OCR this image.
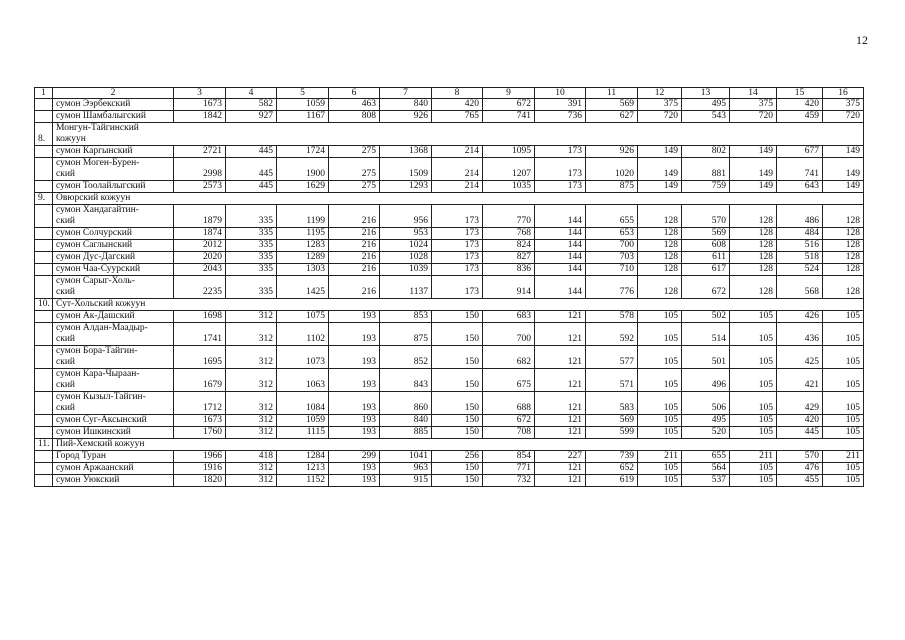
12
1	2	3	4	5	6	7	8	9	10	11	12	13	14	15	16

	сумон Ээрбекский	1673	582	1059	463	840	420	672	391	569	375	495	375	420	375

	сумон Шамбалыгский	1842	927	1167	808	926	765	741	736	627	720	543	720	459	720
8.	Монгун-Тайгинский
кожуун														

	сумон Каргынский	2721	445	1724	275	1368	214	1095	173	926	149	802	149	677	149

	сумон Моген-Бурен-
ский	2998	445	1900	275	1509	214	1207	173	1020	149	881	149	741	149

	сумон Тоолайлыгский	2573	445	1629	275	1293	214	1035	173	875	149	759	149	643	149
9.	Овюрский кожуун														

	сумон Хандагайтин-
ский	1879	335	1199	216	956	173	770	144	655	128	570	128	486	128

	сумон Солчурский	1874	335	1195	216	953	173	768	144	653	128	569	128	484	128

	сумон Саглынский	2012	335	1283	216	1024	173	824	144	700	128	608	128	516	128

	сумон Дус-Дагский	2020	335	1289	216	1028	173	827	144	703	128	611	128	518	128

	сумон Чаа-Суурский	2043	335	1303	216	1039	173	836	144	710	128	617	128	524	128

	сумон Сарыг-Холь-
ский	2235	335	1425	216	1137	173	914	144	776	128	672	128	568	128
10.	Сут-Хольский кожуун														

	сумон Ак-Дашский	1698	312	1075	193	853	150	683	121	578	105	502	105	426	105

	сумон Алдан-Маадыр-
ский	1741	312	1102	193	875	150	700	121	592	105	514	105	436	105

	сумон Бора-Тайгин-
ский	1695	312	1073	193	852	150	682	121	577	105	501	105	425	105

	сумон Кара-Чыраан-
ский	1679	312	1063	193	843	150	675	121	571	105	496	105	421	105

	сумон Кызыл-Тайгин-
ский	1712	312	1084	193	860	150	688	121	583	105	506	105	429	105

	сумон Суг-Аксынский	1673	312	1059	193	840	150	672	121	569	105	495	105	420	105

	сумон Ишкинский	1760	312	1115	193	885	150	708	121	599	105	520	105	445	105
11.	Пий-Хемский кожуун														

	Город Туран	1966	418	1284	299	1041	256	854	227	739	211	655	211	570	211

	сумон Аржаанский	1916	312	1213	193	963	150	771	121	652	105	564	105	476	105

	сумон Уюкский	1820	312	1152	193	915	150	732	121	619	105	537	105	455	105
